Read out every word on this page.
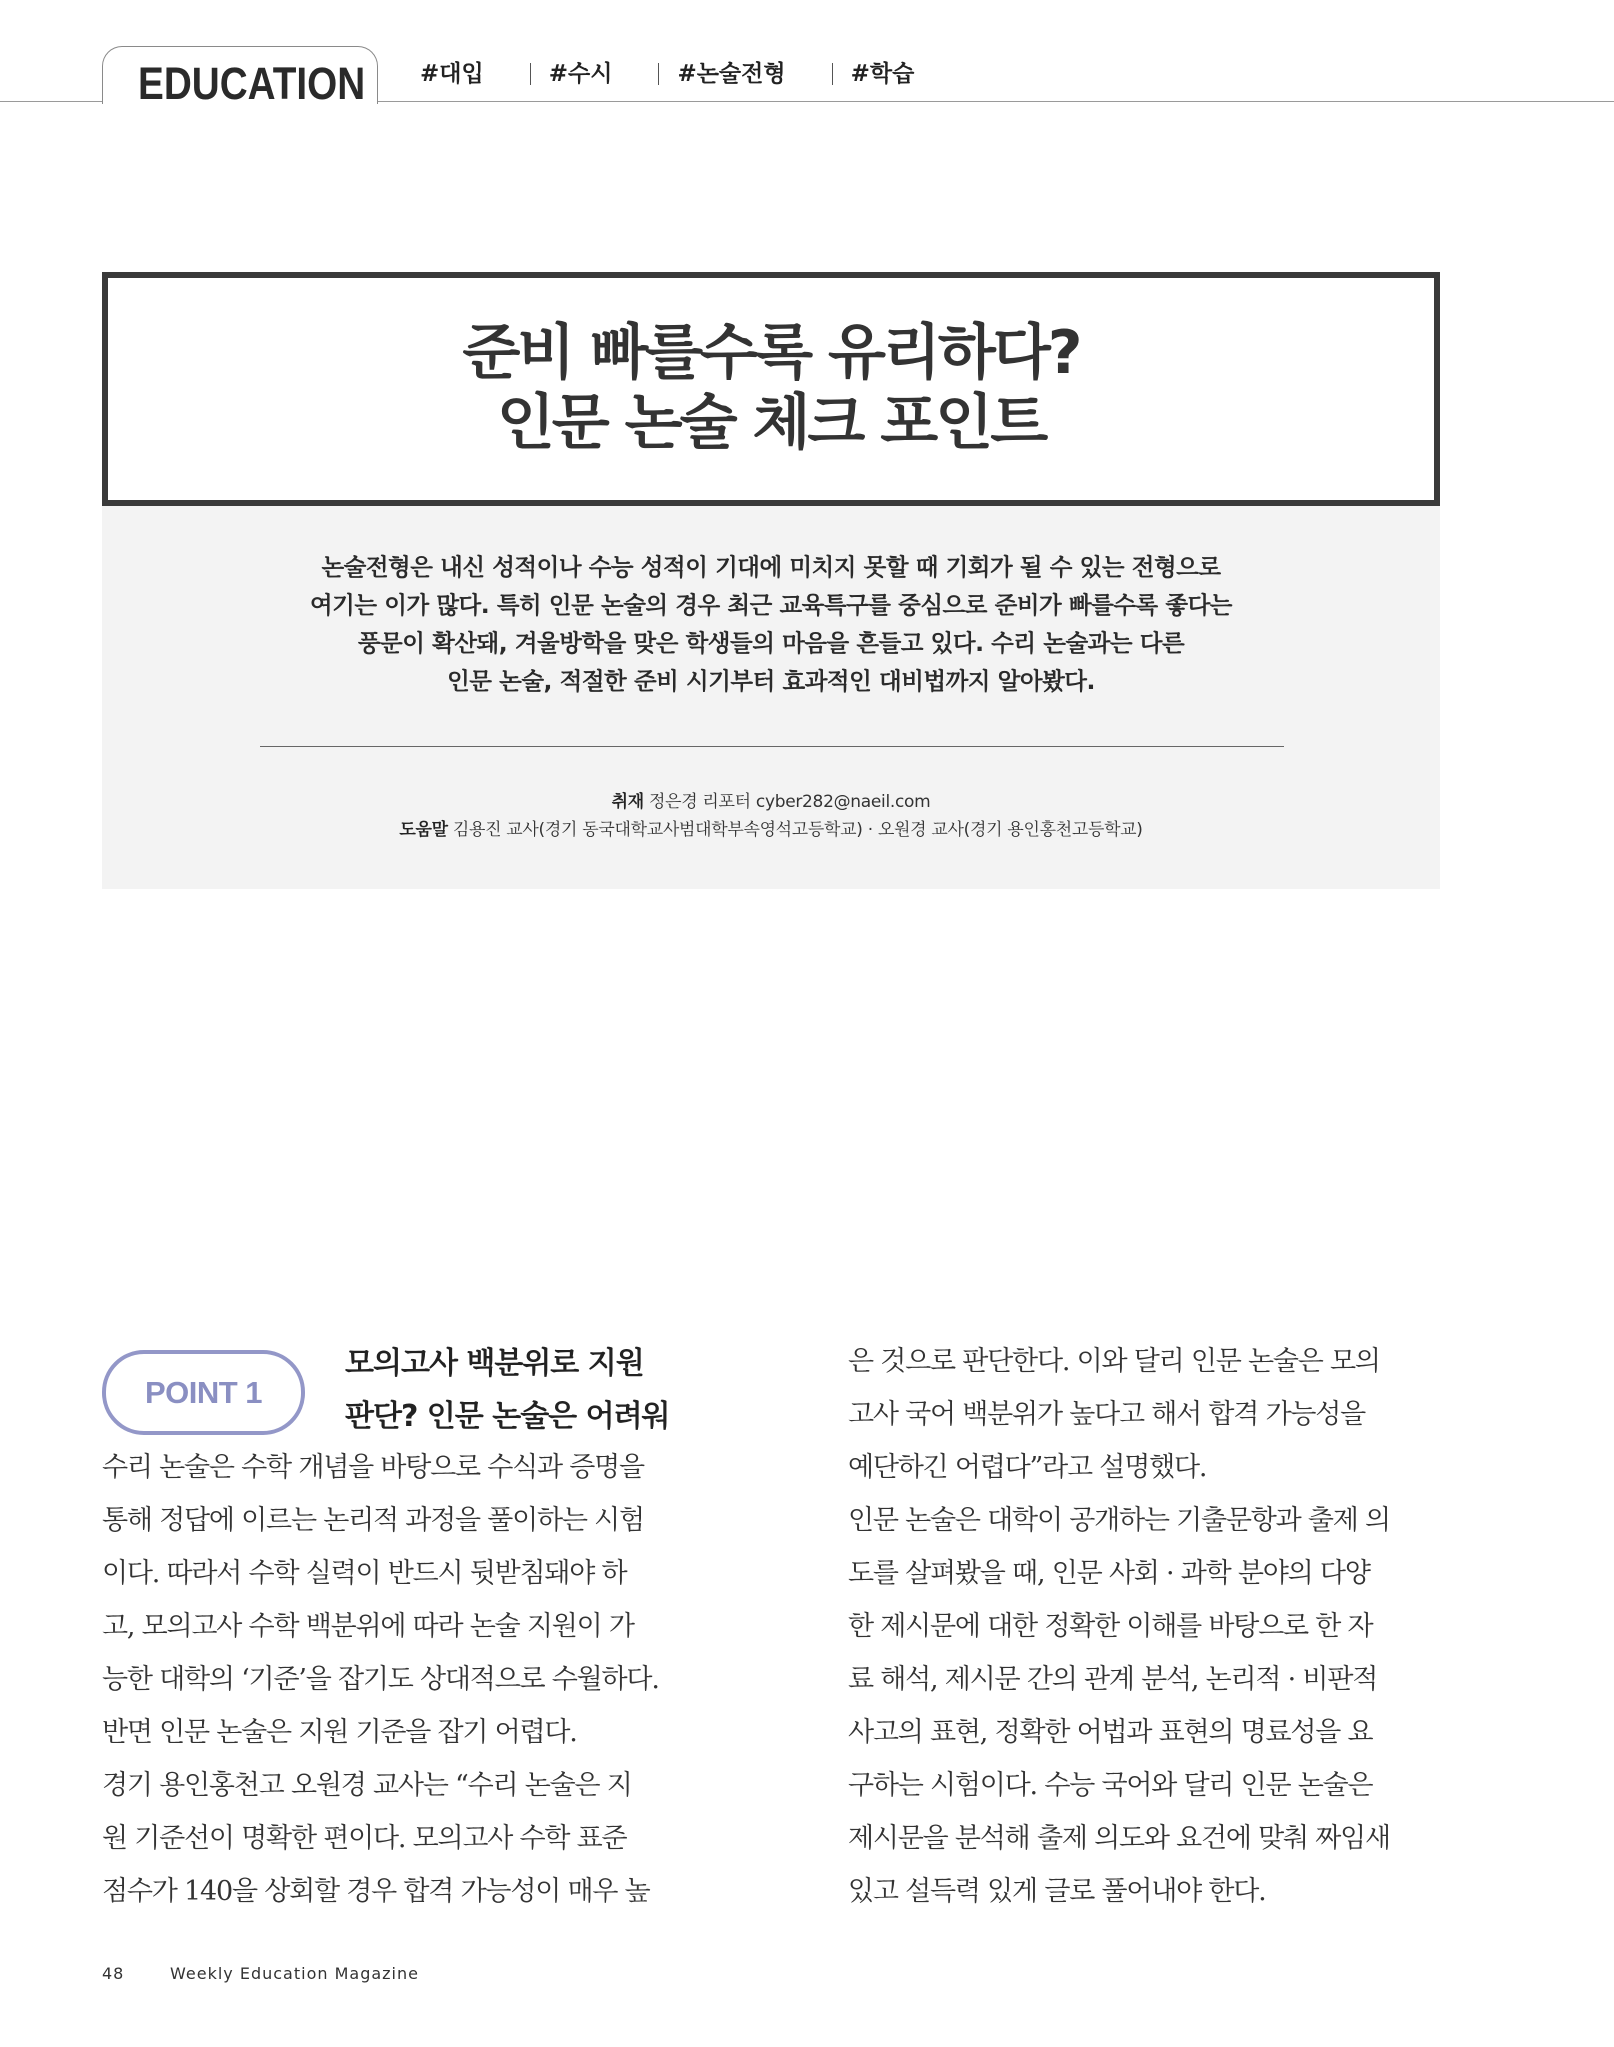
EDUCATION #대입	#수시	#논술전형	#학습
준비 빠를수록 유리하다?
인문 논술 체크 포인트
논술전형은 내신 성적이나 수능 성적이 기대에 미치지 못할 때 기회가 될 수 있는 전형으로
여기는 이가 많다. 특히 인문 논술의 경우 최근 교육특구를 중심으로 준비가 빠를수록 좋다는
풍문이 확산돼, 겨울방학을 맞은 학생들의 마음을 흔들고 있다. 수리 논술과는 다른
인문 논술, 적절한 준비 시기부터 효과적인 대비법까지 알아봤다.
취재 정은경 리포터 cyber282@naeil.com
도움말 김용진 교사(경기 동국대학교사범대학부속영석고등학교) · 오원경 교사(경기 용인홍천고등학교)
POINT 1
모의고사 백분위로 지원
판단? 인문 논술은 어려워
수리 논술은 수학 개념을 바탕으로 수식과 증명을
통해 정답에 이르는 논리적 과정을 풀이하는 시험
이다. 따라서 수학 실력이 반드시 뒷받침돼야 하
고, 모의고사 수학 백분위에 따라 논술 지원이 가
능한 대학의 ‘기준’을 잡기도 상대적으로 수월하다.
반면 인문 논술은 지원 기준을 잡기 어렵다.
경기 용인홍천고 오원경 교사는 “수리 논술은 지
원 기준선이 명확한 편이다. 모의고사 수학 표준
점수가 140을 상회할 경우 합격 가능성이 매우 높
은 것으로 판단한다. 이와 달리 인문 논술은 모의
고사 국어 백분위가 높다고 해서 합격 가능성을
예단하긴 어렵다”라고 설명했다.
인문 논술은 대학이 공개하는 기출문항과 출제 의
도를 살펴봤을 때, 인문 사회 · 과학 분야의 다양
한 제시문에 대한 정확한 이해를 바탕으로 한 자
료 해석, 제시문 간의 관계 분석, 논리적 · 비판적
사고의 표현, 정확한 어법과 표현의 명료성을 요
구하는 시험이다. 수능 국어와 달리 인문 논술은
제시문을 분석해 출제 의도와 요건에 맞춰 짜임새
있고 설득력 있게 글로 풀어내야 한다.
48	Weekly Education Magazine
